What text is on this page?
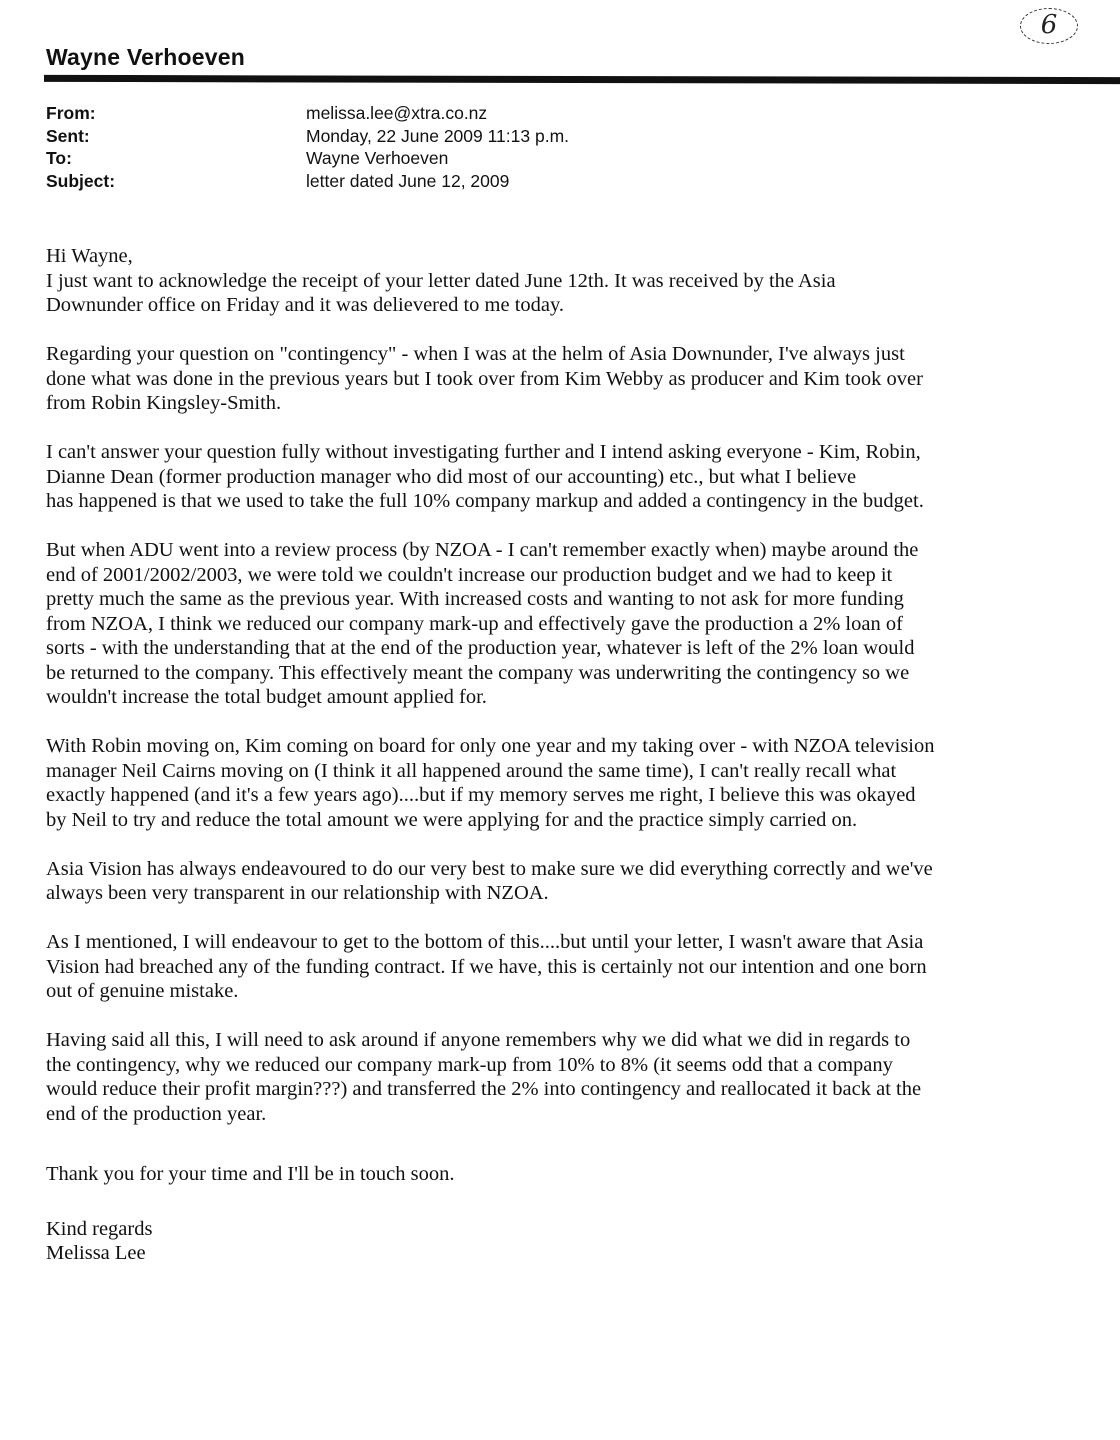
6
Wayne Verhoeven
From:	melissa.lee@xtra.co.nz
Sent:	Monday, 22 June 2009 11:13 p.m.
To:	Wayne Verhoeven
Subject:	letter dated June 12, 2009
Hi Wayne,
I just want to acknowledge the receipt of your letter dated June 12th. It was received by the Asia
Downunder office on Friday and it was delievered to me today.
Regarding your question on "contingency" - when I was at the helm of Asia Downunder, I've always just
done what was done in the previous years but I took over from Kim Webby as producer and Kim took over
from Robin Kingsley-Smith.
I can't answer your question fully without investigating further and I intend asking everyone - Kim, Robin,
Dianne Dean (former production manager who did most of our accounting) etc., but what I believe
has happened is that we used to take the full 10% company markup and added a contingency in the budget.
But when ADU went into a review process (by NZOA - I can't remember exactly when) maybe around the
end of 2001/2002/2003, we were told we couldn't increase our production budget and we had to keep it
pretty much the same as the previous year. With increased costs and wanting to not ask for more funding
from NZOA, I think we reduced our company mark-up and effectively gave the production a 2% loan of
sorts - with the understanding that at the end of the production year, whatever is left of the 2% loan would
be returned to the company. This effectively meant the company was underwriting the contingency so we
wouldn't increase the total budget amount applied for.
With Robin moving on, Kim coming on board for only one year and my taking over - with NZOA television
manager Neil Cairns moving on (I think it all happened around the same time), I can't really recall what
exactly happened (and it's a few years ago)....but if my memory serves me right, I believe this was okayed
by Neil to try and reduce the total amount we were applying for and the practice simply carried on.
Asia Vision has always endeavoured to do our very best to make sure we did everything correctly and we've
always been very transparent in our relationship with NZOA.
As I mentioned, I will endeavour to get to the bottom of this....but until your letter, I wasn't aware that Asia
Vision had breached any of the funding contract. If we have, this is certainly not our intention and one born
out of genuine mistake.
Having said all this, I will need to ask around if anyone remembers why we did what we did in regards to
the contingency, why we reduced our company mark-up from 10% to 8% (it seems odd that a company
would reduce their profit margin???) and transferred the 2% into contingency and reallocated it back at the
end of the production year.
Thank you for your time and I'll be in touch soon.
Kind regards
Melissa Lee
